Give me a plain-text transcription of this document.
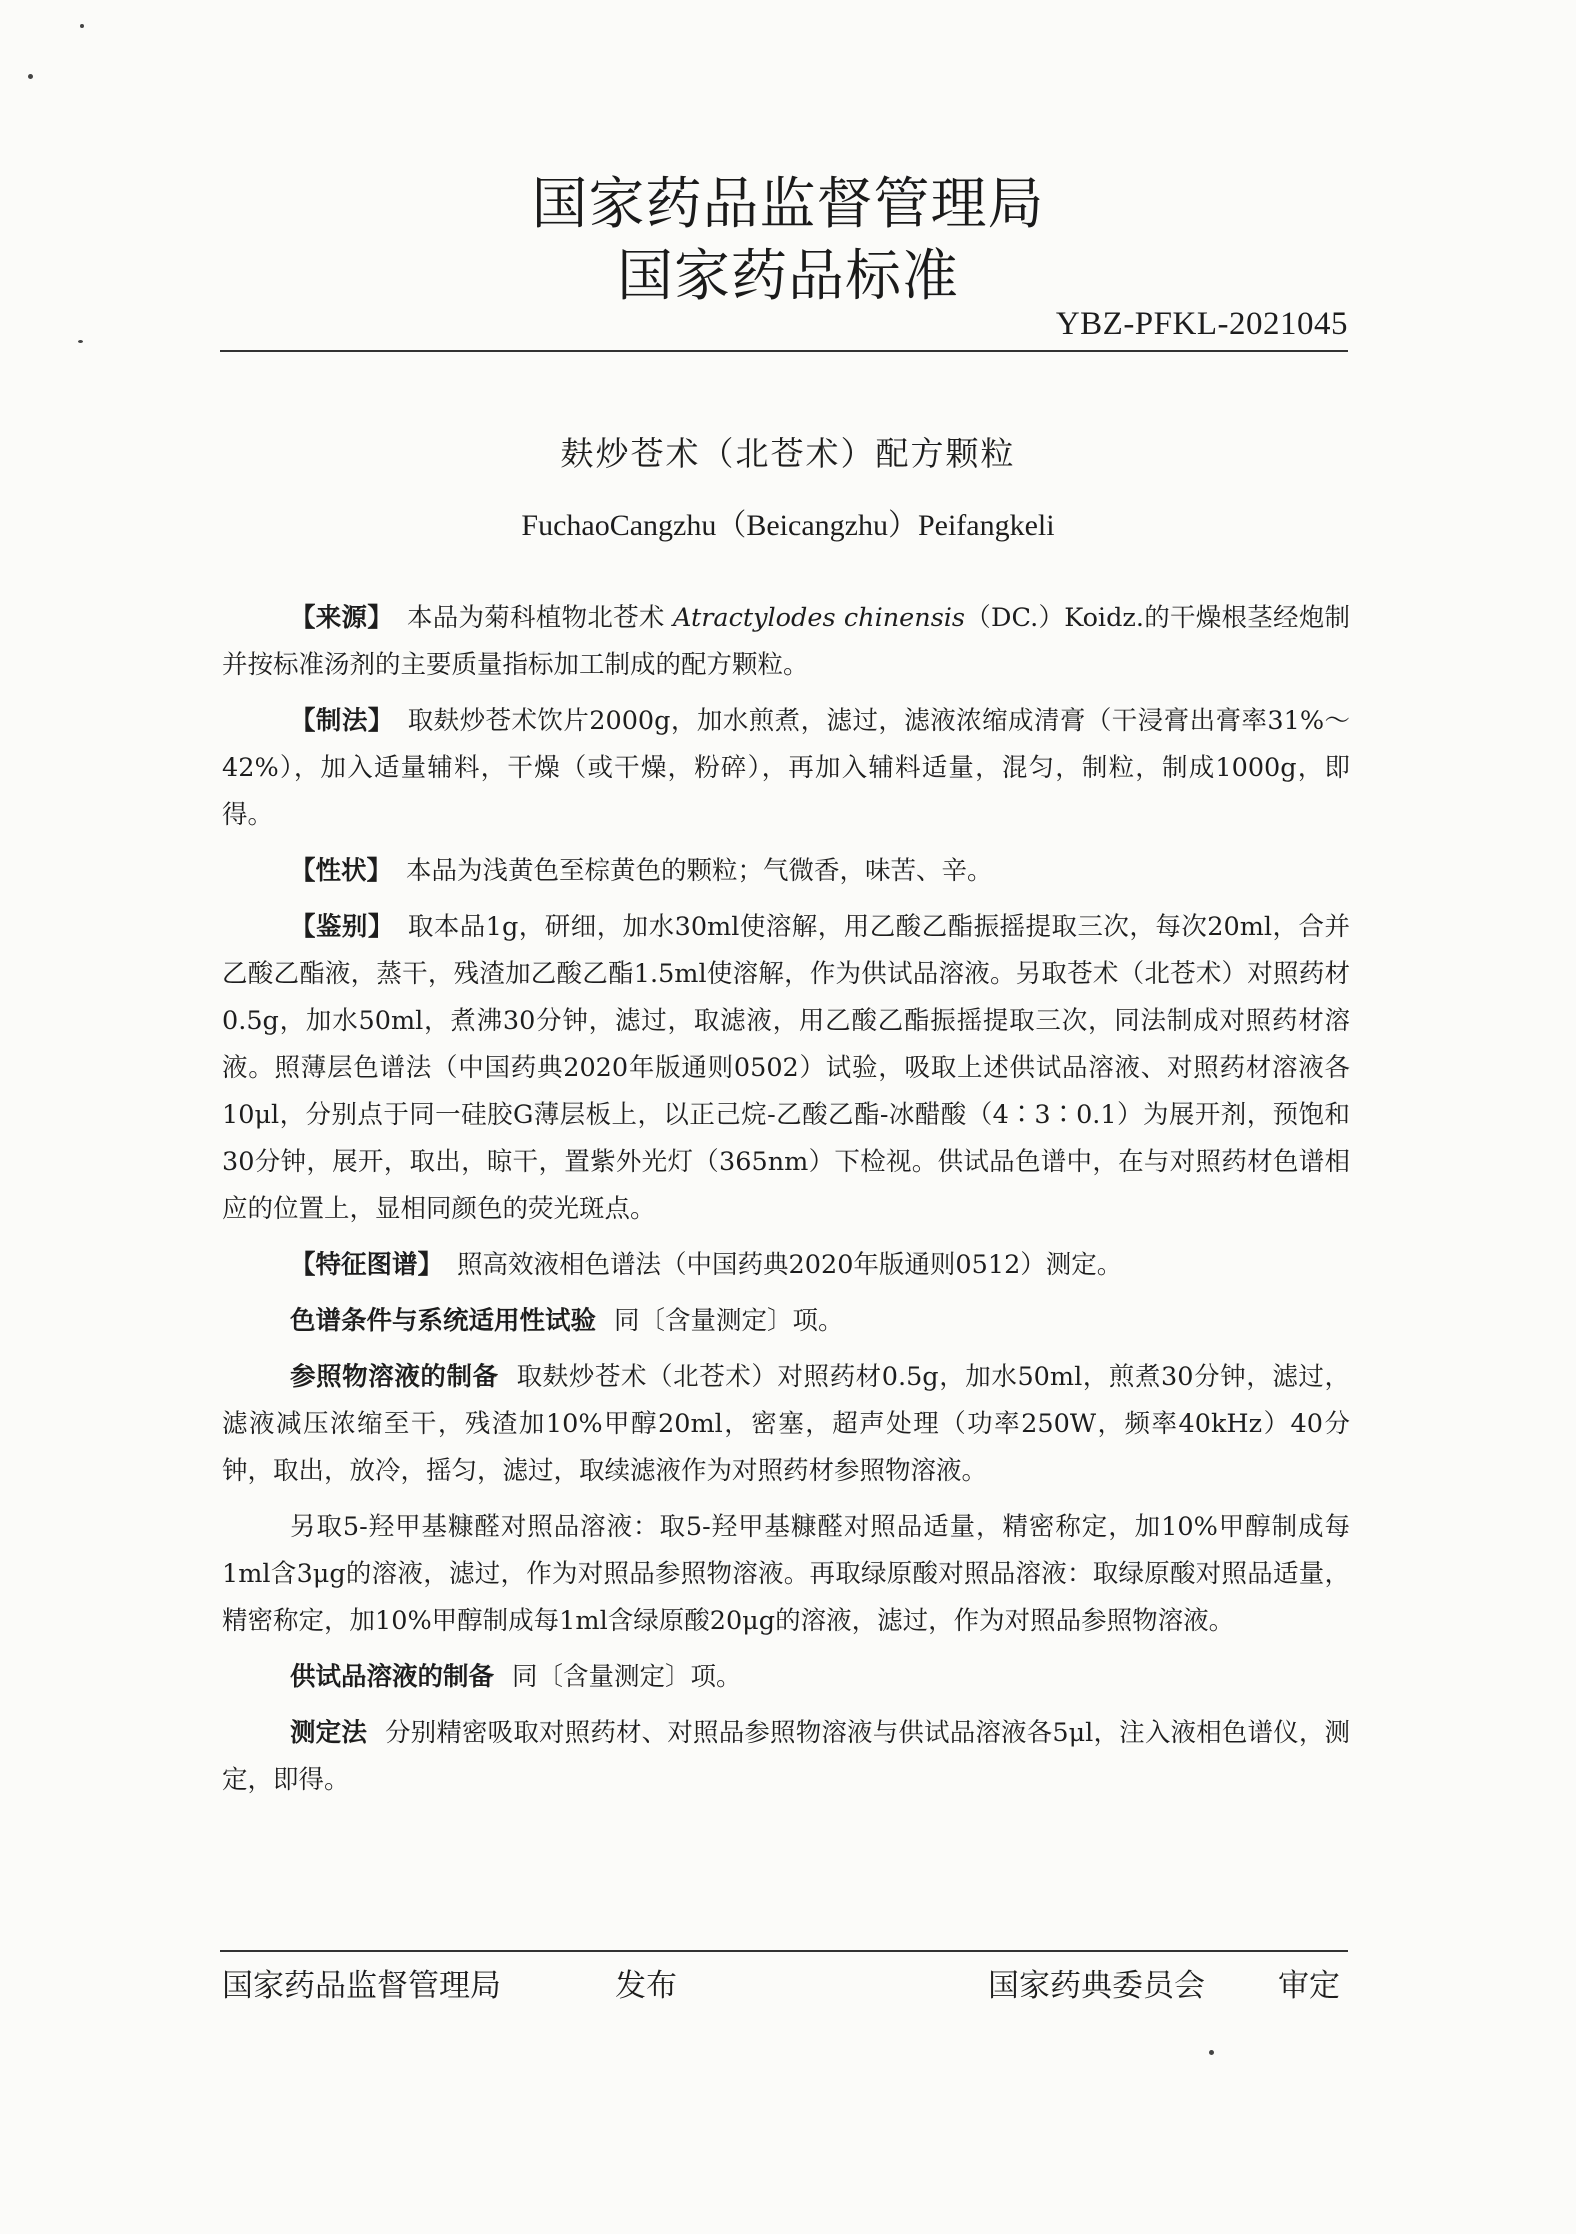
国家药品监督管理局
国家药品标准
YBZ-PFKL-2021045
麸炒苍术（北苍术）配方颗粒
FuchaoCangzhu（Beicangzhu）Peifangkeli

【来源】 本品为菊科植物北苍术 Atractylodes chinensis（DC.）Koidz.的干燥根茎经炮制并按标准汤剂的主要质量指标加工制成的配方颗粒。

【制法】 取麸炒苍术饮片2000g，加水煎煮，滤过，滤液浓缩成清膏（干浸膏出膏率31%～42%），加入适量辅料，干燥（或干燥，粉碎），再加入辅料适量，混匀，制粒，制成1000g，即得。

【性状】 本品为浅黄色至棕黄色的颗粒；气微香，味苦、辛。

【鉴别】 取本品1g，研细，加水30ml使溶解，用乙酸乙酯振摇提取三次，每次20ml，合并乙酸乙酯液，蒸干，残渣加乙酸乙酯1.5ml使溶解，作为供试品溶液。另取苍术（北苍术）对照药材0.5g，加水50ml，煮沸30分钟，滤过，取滤液，用乙酸乙酯振摇提取三次，同法制成对照药材溶液。照薄层色谱法（中国药典2020年版通则0502）试验，吸取上述供试品溶液、对照药材溶液各10μl，分别点于同一硅胶G薄层板上，以正己烷-乙酸乙酯-冰醋酸（4∶3∶0.1）为展开剂，预饱和30分钟，展开，取出，晾干，置紫外光灯（365nm）下检视。供试品色谱中，在与对照药材色谱相应的位置上，显相同颜色的荧光斑点。

【特征图谱】 照高效液相色谱法（中国药典2020年版通则0512）测定。

色谱条件与系统适用性试验 同〔含量测定〕项。

参照物溶液的制备 取麸炒苍术（北苍术）对照药材0.5g，加水50ml，煎煮30分钟，滤过，滤液减压浓缩至干，残渣加10%甲醇20ml，密塞，超声处理（功率250W，频率40kHz）40分钟，取出，放冷，摇匀，滤过，取续滤液作为对照药材参照物溶液。

另取5-羟甲基糠醛对照品溶液：取5-羟甲基糠醛对照品适量，精密称定，加10%甲醇制成每1ml含3μg的溶液，滤过，作为对照品参照物溶液。再取绿原酸对照品溶液：取绿原酸对照品适量，精密称定，加10%甲醇制成每1ml含绿原酸20μg的溶液，滤过，作为对照品参照物溶液。

供试品溶液的制备 同〔含量测定〕项。

测定法 分别精密吸取对照药材、对照品参照物溶液与供试品溶液各5μl，注入液相色谱仪，测定，即得。

国家药品监督管理局	发布	国家药典委员会 审定
